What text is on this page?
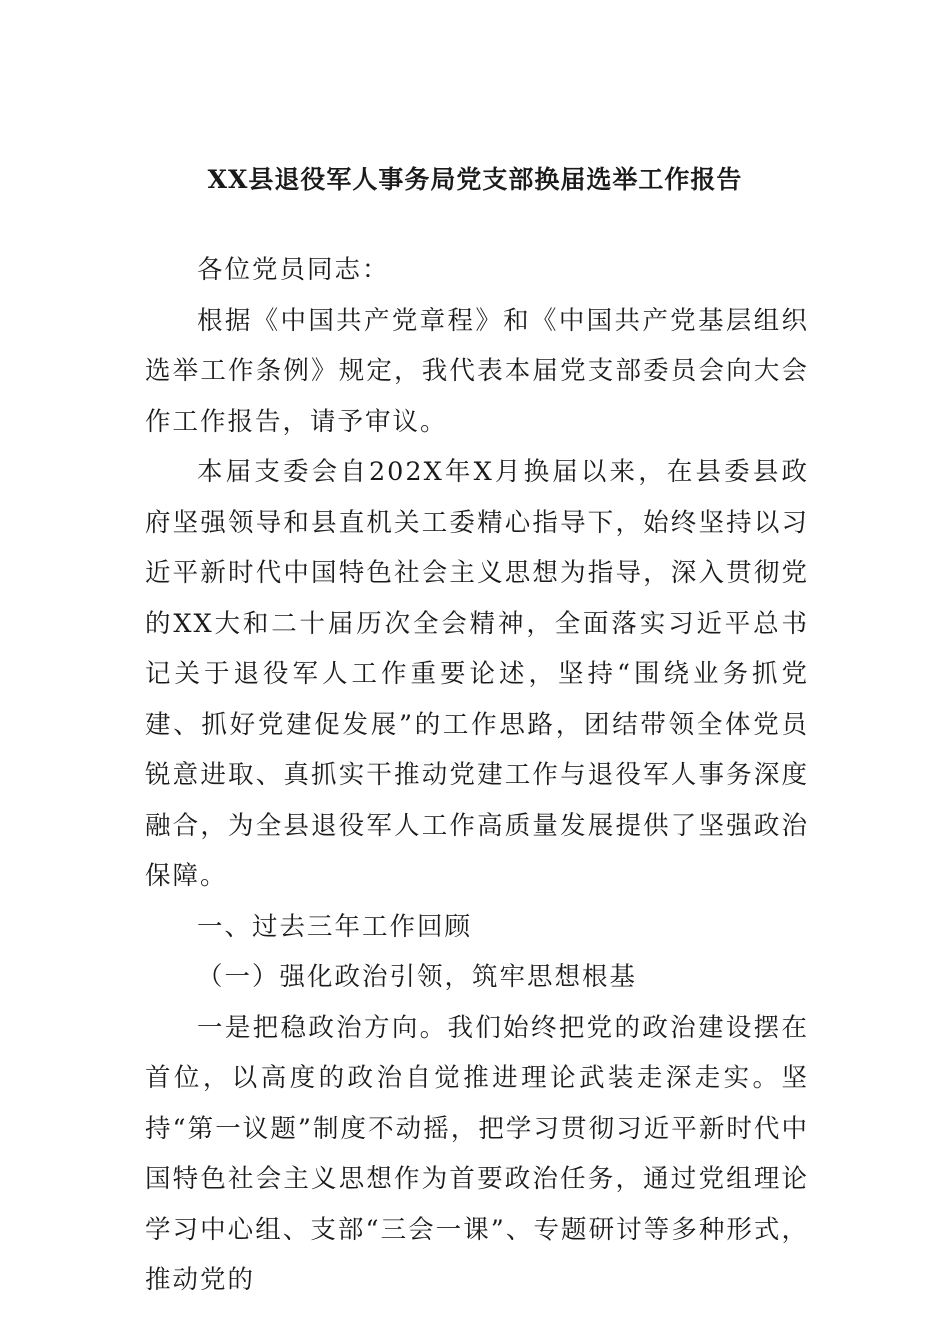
XX县退役军人事务局党支部换届选举工作报告

各位党员同志：

根据《中国共产党章程》和《中国共产党基层组织选举工作条例》规定，我代表本届党支部委员会向大会作工作报告，请予审议。

本届支委会自202X年X月换届以来，在县委县政府坚强领导和县直机关工委精心指导下，始终坚持以习近平新时代中国特色社会主义思想为指导，深入贯彻党的XX大和二十届历次全会精神，全面落实习近平总书记关于退役军人工作重要论述，坚持“围绕业务抓党建、抓好党建促发展”的工作思路，团结带领全体党员锐意进取、真抓实干推动党建工作与退役军人事务深度融合，为全县退役军人工作高质量发展提供了坚强政治保障。

一、过去三年工作回顾

（一）强化政治引领，筑牢思想根基

一是把稳政治方向。我们始终把党的政治建设摆在首位，以高度的政治自觉推进理论武装走深走实。坚持“第一议题”制度不动摇，把学习贯彻习近平新时代中国特色社会主义思想作为首要政治任务，通过党组理论学习中心组、支部“三会一课”、专题研讨等多种形式，推动党的
